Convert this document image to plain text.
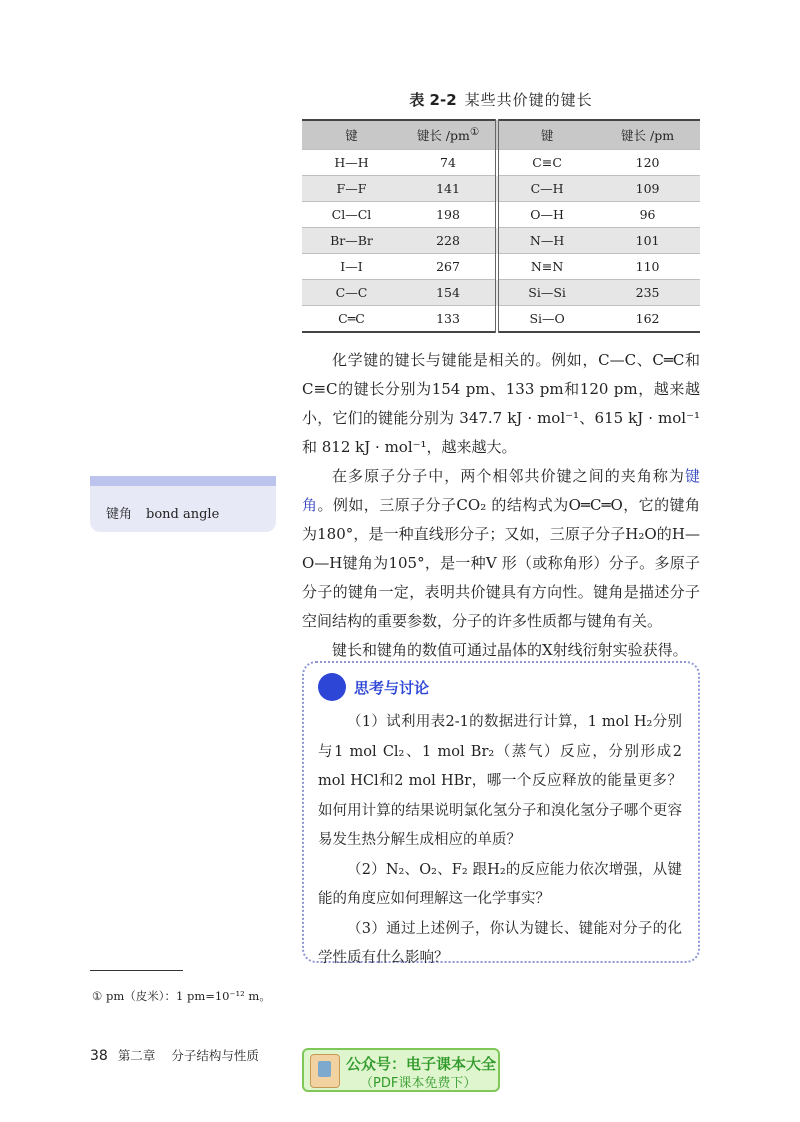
表 2-2 某些共价键的键长
键	键长 /pm①	键	键长 /pm
H—H	74	C≡C	120
F—F	141	C—H	109
Cl—Cl	198	O—H	96
Br—Br	228	N—H	101
I—I	267	N≡N	110
C—C	154	Si—Si	235
C═C	133	Si—O	162

化学键的键长与键能是相关的。例如，C—C、C═C和C≡C的键长分别为154 pm、133 pm和120 pm，越来越小，它们的键能分别为 347.7 kJ · mol⁻¹、615 kJ · mol⁻¹ 和 812 kJ · mol⁻¹，越来越大。

在多原子分子中，两个相邻共价键之间的夹角称为键角。例如，三原子分子CO₂ 的结构式为O═C═O，它的键角为180°，是一种直线形分子；又如，三原子分子H₂O的H—O—H键角为105°，是一种V 形（或称角形）分子。多原子分子的键角一定，表明共价键具有方向性。键角是描述分子空间结构的重要参数，分子的许多性质都与键角有关。

键长和键角的数值可通过晶体的X射线衍射实验获得。

键角 bond angle
思考与讨论

（1）试利用表2-1的数据进行计算，1 mol H₂分别与1 mol Cl₂、1 mol Br₂（蒸气）反应，分别形成2 mol HCl和2 mol HBr，哪一个反应释放的能量更多？如何用计算的结果说明氯化氢分子和溴化氢分子哪个更容易发生热分解生成相应的单质？

（2）N₂、O₂、F₂ 跟H₂的反应能力依次增强，从键能的角度应如何理解这一化学事实？

（3）通过上述例子，你认为键长、键能对分子的化学性质有什么影响？

① pm（皮米）：1 pm=10⁻¹² m。
38 第二章 分子结构与性质	公众号：电子课本大全
（PDF课本免费下）
